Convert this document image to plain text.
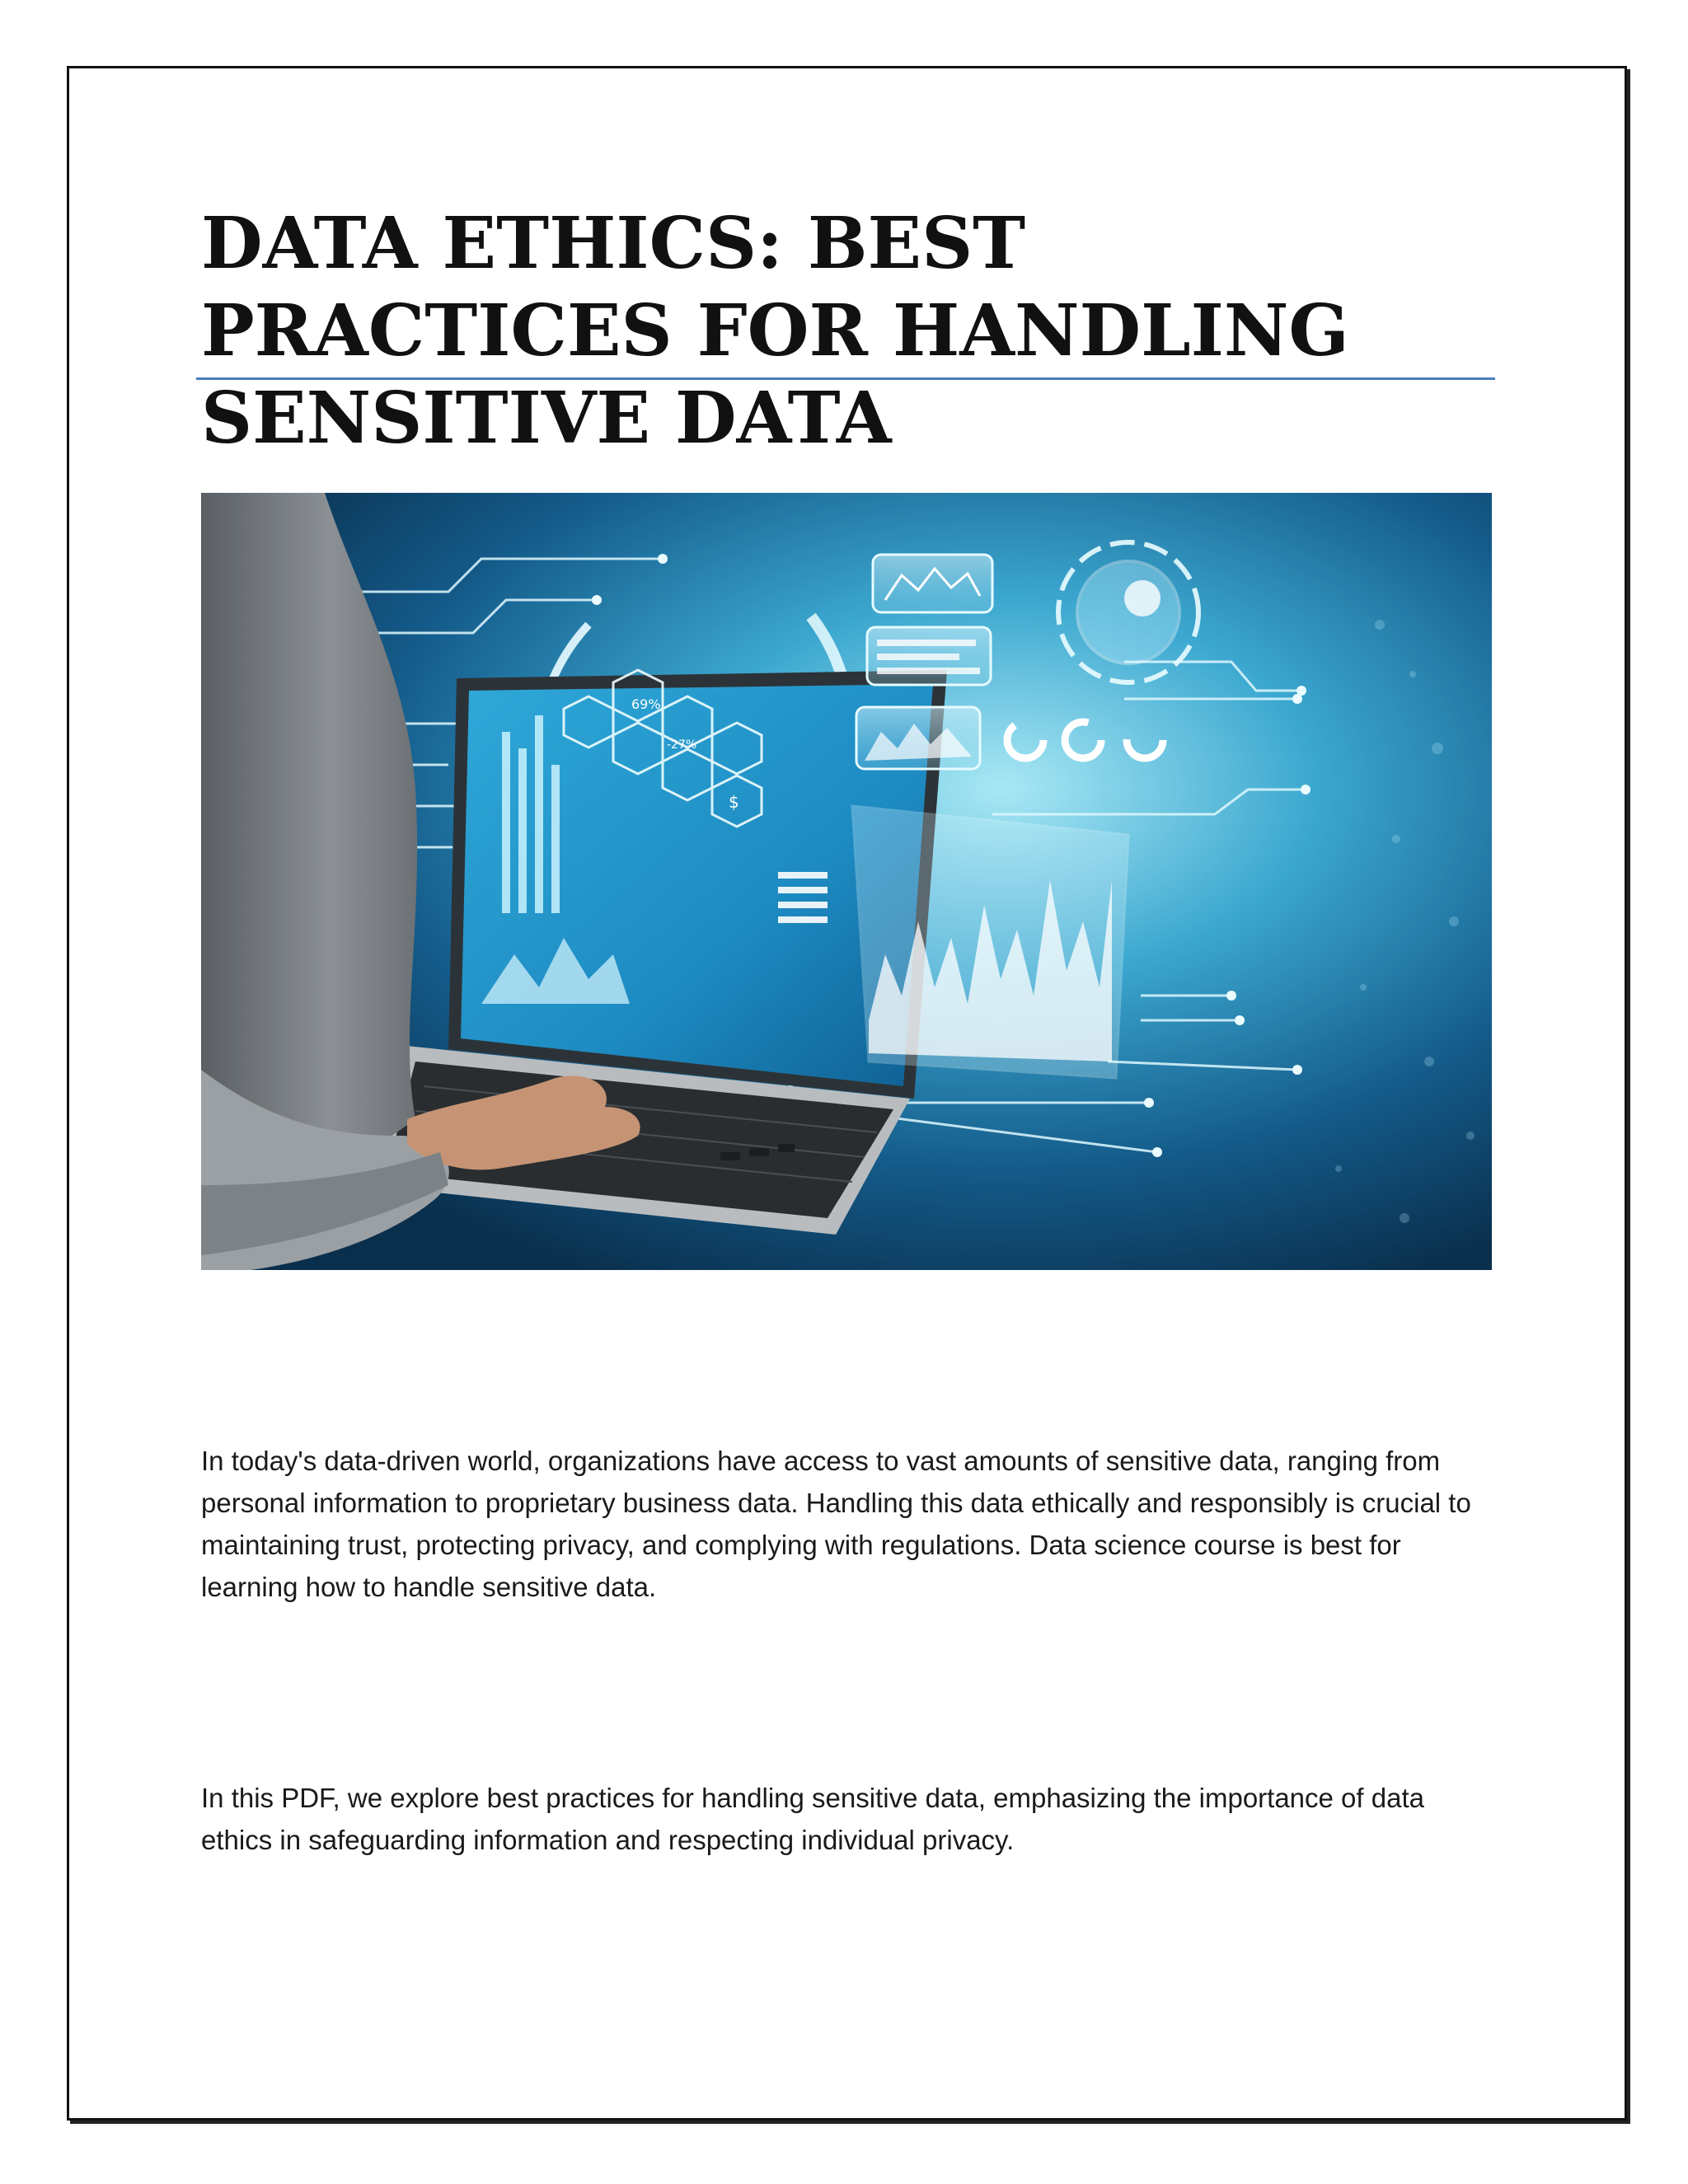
DATA ETHICS: BEST PRACTICES FOR HANDLING SENSITIVE DATA
69%
-27%
$

In today's data-driven world, organizations have access to vast amounts of sensitive data, ranging from personal information to proprietary business data. Handling this data ethically and responsibly is crucial to maintaining trust, protecting privacy, and complying with regulations. Data science course is best for learning how to handle sensitive data.

In this PDF, we explore best practices for handling sensitive data, emphasizing the importance of data ethics in safeguarding information and respecting individual privacy.
